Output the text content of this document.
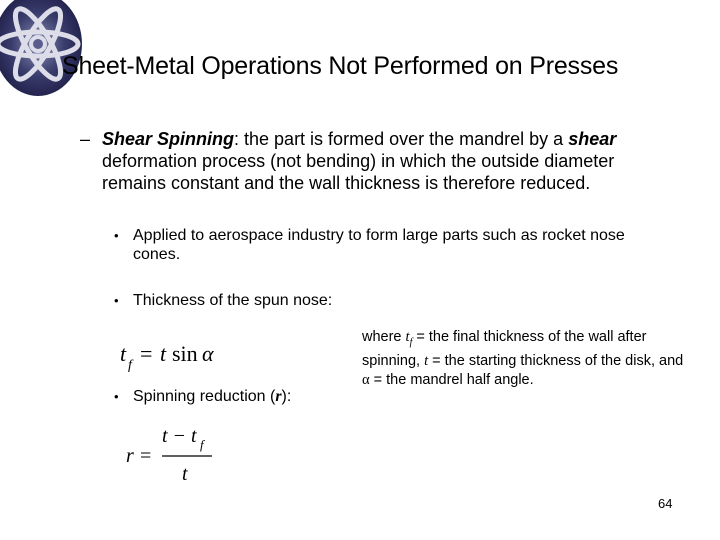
Sheet-Metal Operations Not Performed on Presses
– Shear Spinning: the part is formed over the mandrel by a shear deformation process (not bending) in which the outside diameter remains constant and the wall thickness is therefore reduced.
• Applied to aerospace industry to form large parts such as rocket nose cones.
• Thickness of the spun nose:
where $t_f$ = the final thickness of the wall after spinning, t = the starting thickness of the disk, and α = the mandrel half angle.
t f = t sin α
• Spinning reduction (r):
r =
t − t f
t
64
